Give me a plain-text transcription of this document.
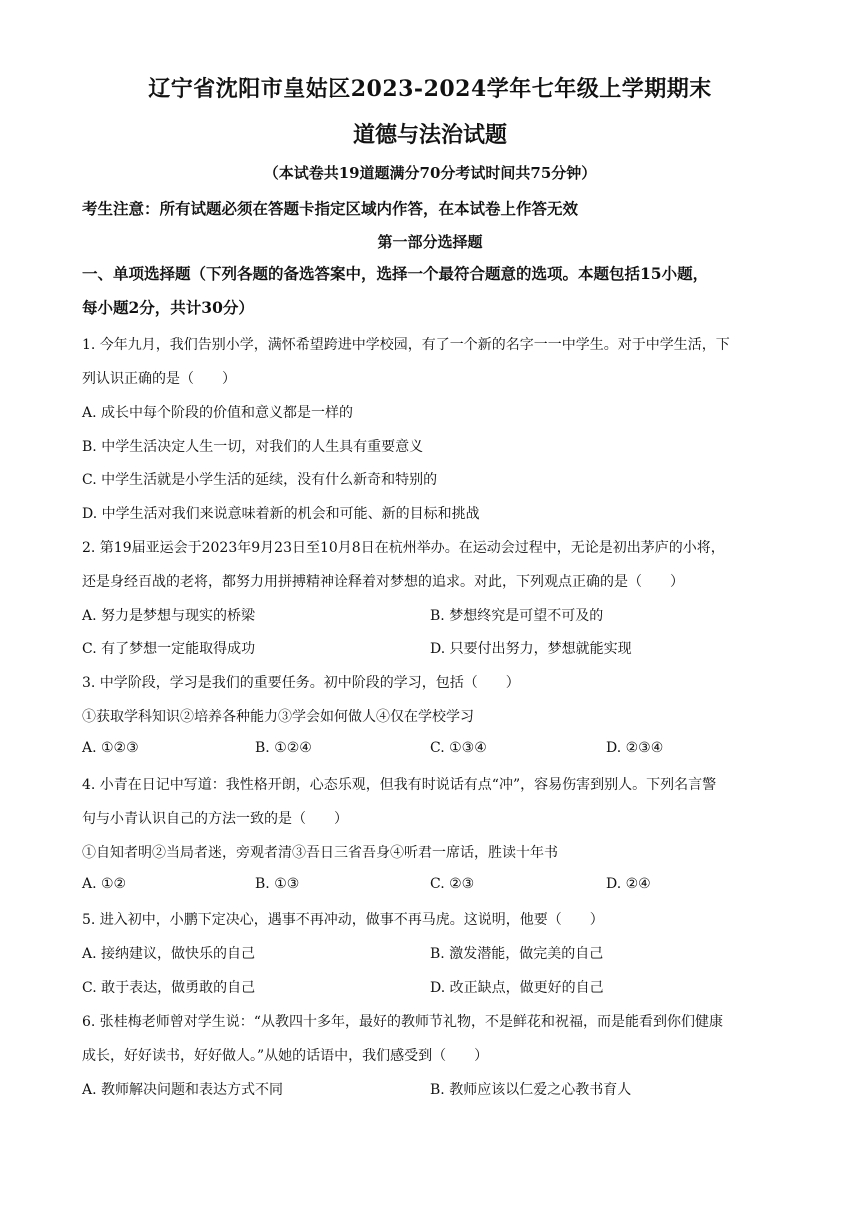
辽宁省沈阳市皇姑区2023-2024学年七年级上学期期末
道德与法治试题
（本试卷共19道题满分70分考试时间共75分钟）
考生注意：所有试题必须在答题卡指定区域内作答，在本试卷上作答无效
第一部分选择题
一、单项选择题（下列各题的备选答案中，选择一个最符合题意的选项。本题包括15小题，
每小题2分，共计30分）
1. 今年九月，我们告别小学，满怀希望跨进中学校园，有了一个新的名字一一中学生。对于中学生活，下
列认识正确的是（　　）
A. 成长中每个阶段的价值和意义都是一样的
B. 中学生活决定人生一切，对我们的人生具有重要意义
C. 中学生活就是小学生活的延续，没有什么新奇和特别的
D. 中学生活对我们来说意味着新的机会和可能、新的目标和挑战
2. 第19届亚运会于2023年9月23日至10月8日在杭州举办。在运动会过程中，无论是初出茅庐的小将，
还是身经百战的老将，都努力用拼搏精神诠释着对梦想的追求。对此，下列观点正确的是（　　）
A. 努力是梦想与现实的桥梁	B. 梦想终究是可望不可及的
C. 有了梦想一定能取得成功	D. 只要付出努力，梦想就能实现
3. 中学阶段，学习是我们的重要任务。初中阶段的学习，包括（　　）
①获取学科知识②培养各种能力③学会如何做人④仅在学校学习
A. ①②③	B. ①②④	C. ①③④	D. ②③④
4. 小青在日记中写道：我性格开朗，心态乐观，但我有时说话有点“冲”，容易伤害到别人。下列名言警
句与小青认识自己的方法一致的是（　　）
①自知者明②当局者迷，旁观者清③吾日三省吾身④听君一席话，胜读十年书
A. ①②	B. ①③	C. ②③	D. ②④
5. 进入初中，小鹏下定决心，遇事不再冲动，做事不再马虎。这说明，他要（　　）
A. 接纳建议，做快乐的自己	B. 激发潜能，做完美的自己
C. 敢于表达，做勇敢的自己	D. 改正缺点，做更好的自己
6. 张桂梅老师曾对学生说：“从教四十多年，最好的教师节礼物，不是鲜花和祝福，而是能看到你们健康
成长，好好读书，好好做人。”从她的话语中，我们感受到（　　）
A. 教师解决问题和表达方式不同	B. 教师应该以仁爱之心教书育人
